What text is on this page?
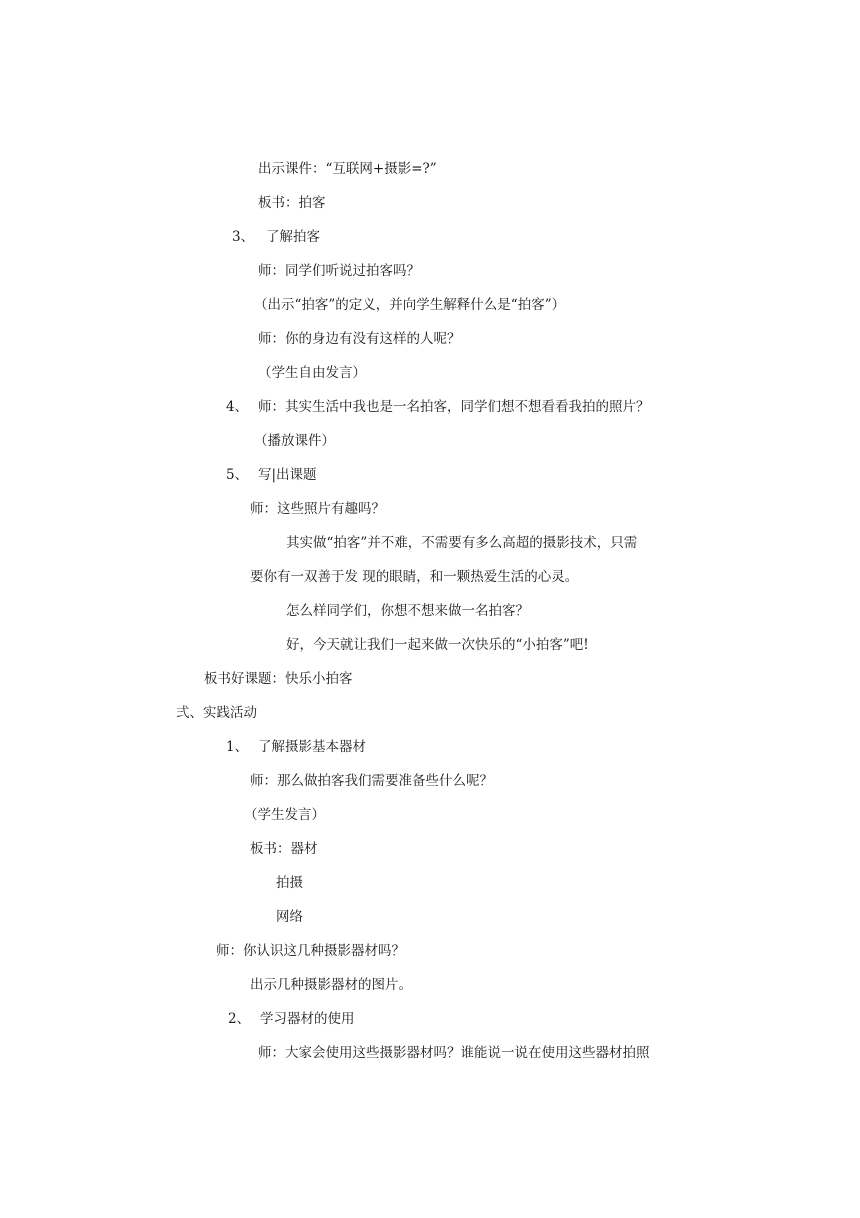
出示课件：“互联网+摄影=?”
板书：拍客
3、 了解拍客
师：同学们听说过拍客吗？
（出示“拍客”的定义，并向学生解释什么是“拍客”）
师：你的身边有没有这样的人呢？
（学生自由发言）
4、 师：其实生活中我也是一名拍客，同学们想不想看看我拍的照片？
（播放课件）
5、 写|出课题
师：这些照片有趣吗？
其实做“拍客”并不难，不需要有多么高超的摄影技术，只需
要你有一双善于发 现的眼睛，和一颗热爱生活的心灵。
怎么样同学们，你想不想来做一名拍客？
好，今天就让我们一起来做一次快乐的“小拍客”吧!
板书好课题：快乐小拍客
弍、实践活动
1、 了解摄影基本器材
师：那么做拍客我们需要准备些什么呢？
（学生发言）
板书：器材
拍摄
网络
师：你认识这几种摄影器材吗？
出示几种摄影器材的图片。
2、 学习器材的使用
师：大家会使用这些摄影器材吗？谁能说一说在使用这些器材拍照
